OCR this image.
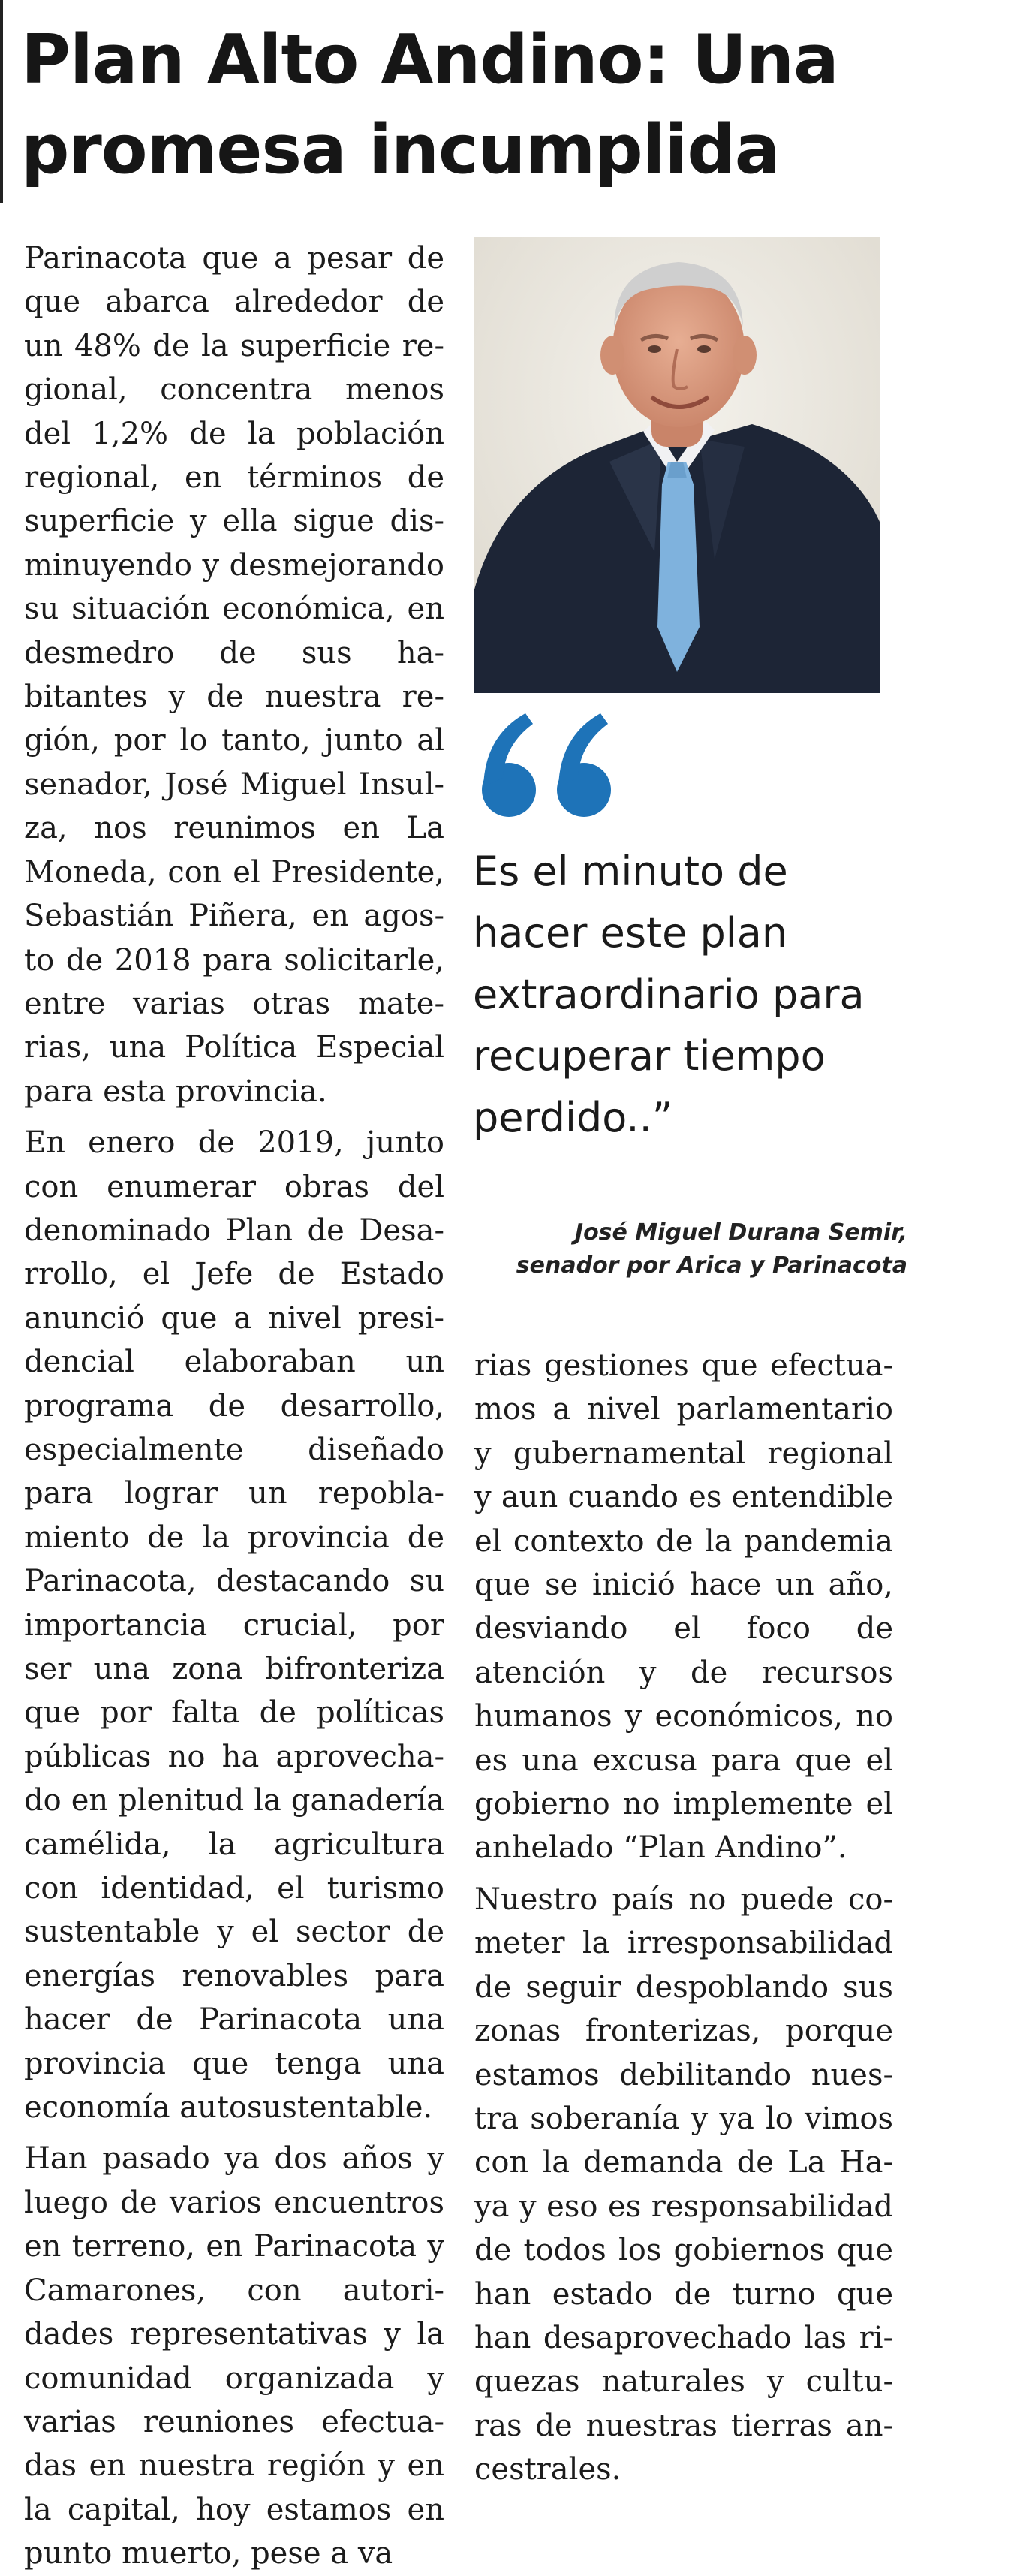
Plan Alto Andino: Una
promesa incumplida

Parinacota que a pesar de que abarca alrededor de un 48% de la superficie regional, concentra menos del 1,2% de la población regional, en términos de superficie y ella sigue disminuyendo y desmejorando su situación económica, en desmedro de sus habitantes y de nuestra región, por lo tanto, junto al senador, José Miguel Insulza, nos reunimos en La Moneda, con el Presidente, Sebastián Piñera, en agosto de 2018 para solicitarle, entre varias otras materias, una Política Especial para esta provincia.

En enero de 2019, junto con enumerar obras del denominado Plan de Desarrollo, el Jefe de Estado anunció que a nivel presidencial elaboraban un programa de desarrollo, especialmente diseñado para lograr un repoblamiento de la provincia de Parinacota, destacando su importancia crucial, por ser una zona bifronteriza que por falta de políticas públicas no ha aprovechado en plenitud la ganadería camélida, la agricultura con identidad, el turismo sustentable y el sector de energías renovables para hacer de Parinacota una provincia que tenga una economía autosustentable.

Han pasado ya dos años y luego de varios encuentros en terreno, en Parinacota y Camarones, con autoridades representativas y la comunidad organizada y varias reuniones efectuadas en nuestra región y en la capital, hoy estamos en punto muerto, pese a va

Es el minuto de hacer este plan extraordinario para recuperar tiempo perdido..”

José Miguel Durana Semir,
senador por Arica y Parinacota

rias gestiones que efectuamos a nivel parlamentario y gubernamental regional y aun cuando es entendible el contexto de la pandemia que se inició hace un año, desviando el foco de atención y de recursos humanos y económicos, no es una excusa para que el gobierno no implemente el anhelado “Plan Andino”.

Nuestro país no puede cometer la irresponsabilidad de seguir despoblando sus zonas fronterizas, porque estamos debilitando nuestra soberanía y ya lo vimos con la demanda de La Haya y eso es responsabilidad de todos los gobiernos que han estado de turno que han desaprovechado las riquezas naturales y culturas de nuestras tierras ancestrales.
